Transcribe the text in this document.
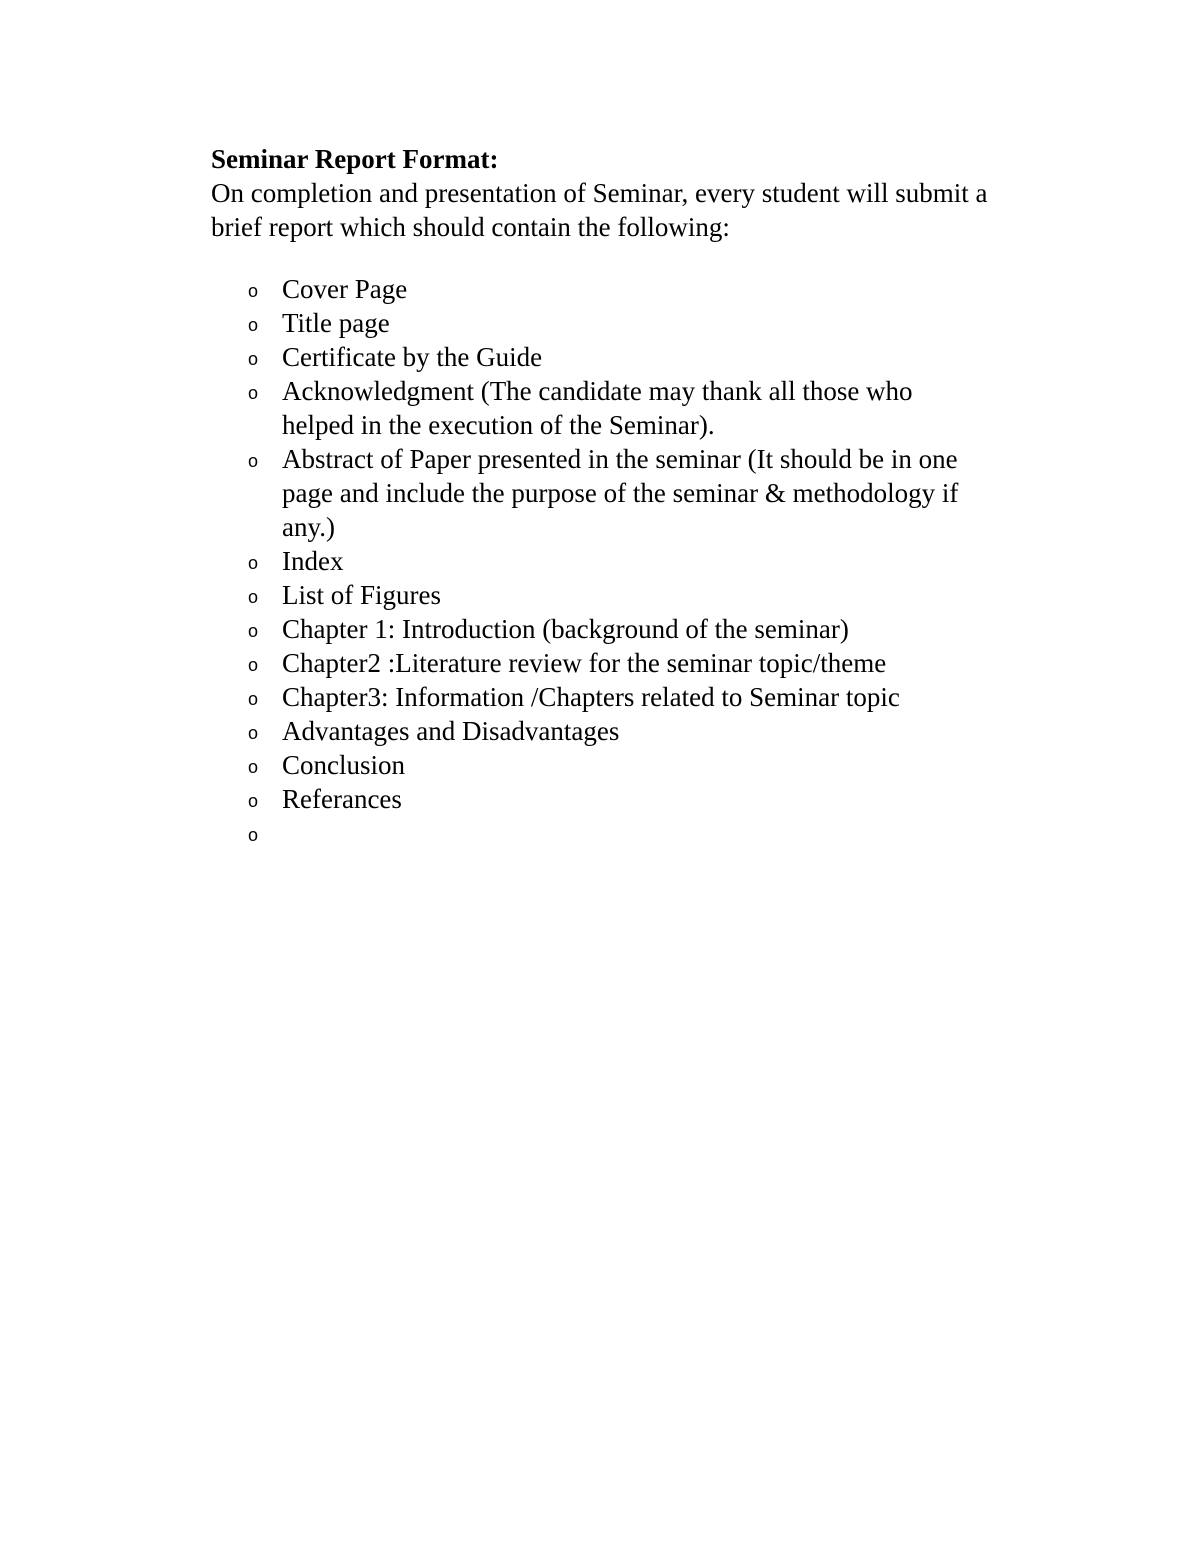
Seminar Report Format:

On completion and presentation of Seminar, every student will submit a
brief report which should contain the following:

o Cover Page
o Title page
o Certificate by the Guide
o Acknowledgment (The candidate may thank all those who
helped in the execution of the Seminar).
o Abstract of Paper presented in the seminar (It should be in one
page and include the purpose of the seminar & methodology if
any.)
o Index
o List of Figures
o Chapter 1: Introduction (background of the seminar)
o Chapter2 :Literature review for the seminar topic/theme
o Chapter3: Information /Chapters related to Seminar topic
o Advantages and Disadvantages
o Conclusion
o Referances
o
